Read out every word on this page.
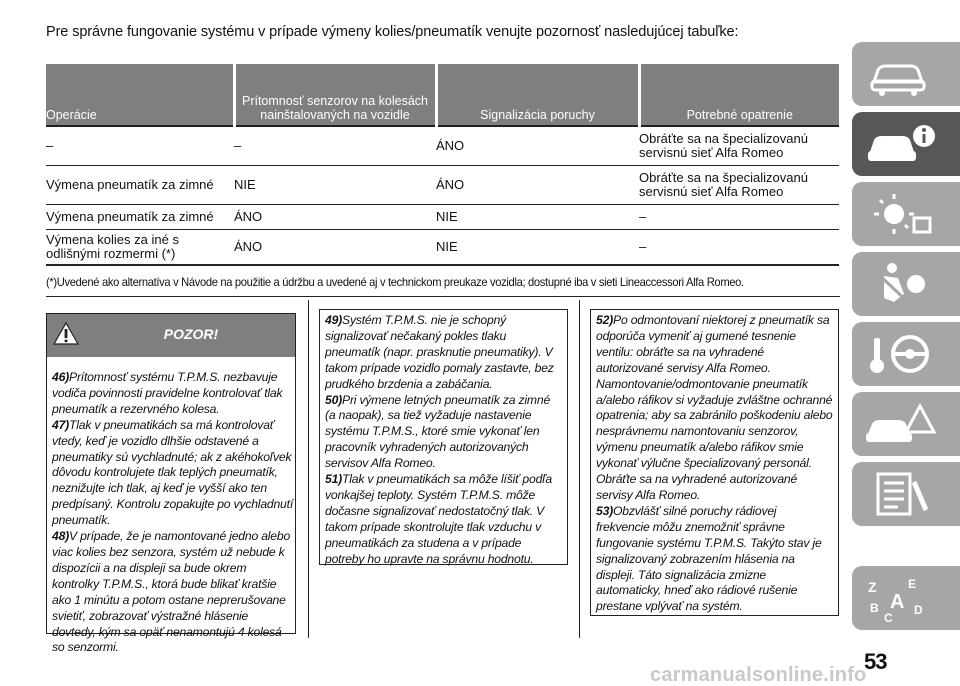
Pre správne fungovanie systému v prípade výmeny kolies/pneumatík venujte pozornosť nasledujúcej tabuľke:
Operácie	Prítomnosť senzorov na kolesách nainštalovaných na vozidle	Signalizácia poruchy	Potrebné opatrenie
–	–	ÁNO	Obráťte sa na špecializovanú servisnú sieť Alfa Romeo
Výmena pneumatík za zimné	NIE	ÁNO	Obráťte sa na špecializovanú servisnú sieť Alfa Romeo
Výmena pneumatík za zimné	ÁNO	NIE	–
Výmena kolies za iné s odlišnými rozmermi (*)	ÁNO	NIE	–
(*)Uvedené ako alternatíva v Návode na použitie a údržbu a uvedené aj v technickom preukaze vozidla; dostupné iba v sieti Lineaccessori Alfa Romeo.
POZOR!
46)Prítomnosť systému T.P.M.S. nezbavuje vodiča povinnosti pravidelne kontrolovať tlak pneumatík a rezervného kolesa.
47)Tlak v pneumatikách sa má kontrolovať vtedy, keď je vozidlo dlhšie odstavené a pneumatiky sú vychladnuté; ak z akéhokoľvek dôvodu kontrolujete tlak teplých pneumatík, neznižujte ich tlak, aj keď je vyšší ako ten predpísaný. Kontrolu zopakujte po vychladnutí pneumatík.
48)V prípade, že je namontované jedno alebo viac kolies bez senzora, systém už nebude k dispozícii a na displeji sa bude okrem kontrolky T.P.M.S., ktorá bude blikať kratšie ako 1 minútu a potom ostane neprerušovane svietiť, zobrazovať výstražné hlásenie dovtedy, kým sa opäť nenamontujú 4 kolesá so senzormi.
49)Systém T.P.M.S. nie je schopný signalizovať nečakaný pokles tlaku pneumatík (napr. prasknutie pneumatiky). V takom prípade vozidlo pomaly zastavte, bez prudkého brzdenia a zabáčania.
50)Pri výmene letných pneumatík za zimné (a naopak), sa tiež vyžaduje nastavenie systému T.P.M.S., ktoré smie vykonať len pracovník vyhradených autorizovaných servisov Alfa Romeo.
51)Tlak v pneumatikách sa môže líšiť podľa vonkajšej teploty. Systém T.P.M.S. môže dočasne signalizovať nedostatočný tlak. V takom prípade skontrolujte tlak vzduchu v pneumatikách za studena a v prípade potreby ho upravte na správnu hodnotu.
52)Po odmontovaní niektorej z pneumatík sa odporúča vymeniť aj gumené tesnenie ventilu: obráťte sa na vyhradené autorizované servisy Alfa Romeo. Namontovanie/odmontovanie pneumatík a/alebo ráfikov si vyžaduje zvláštne ochranné opatrenia; aby sa zabránilo poškodeniu alebo nesprávnemu namontovaniu senzorov, výmenu pneumatík a/alebo ráfikov smie vykonať výlučne špecializovaný personál. Obráťte sa na vyhradené autorizované servisy Alfa Romeo.
53)Obzvlášť silné poruchy rádiovej frekvencie môžu znemožniť správne fungovanie systému T.P.M.S. Takýto stav je signalizovaný zobrazením hlásenia na displeji. Táto signalizácia zmizne automaticky, hneď ako rádiové rušenie prestane vplývať na systém.
Z	E
B A D
C
53
carmanualsonline.info
